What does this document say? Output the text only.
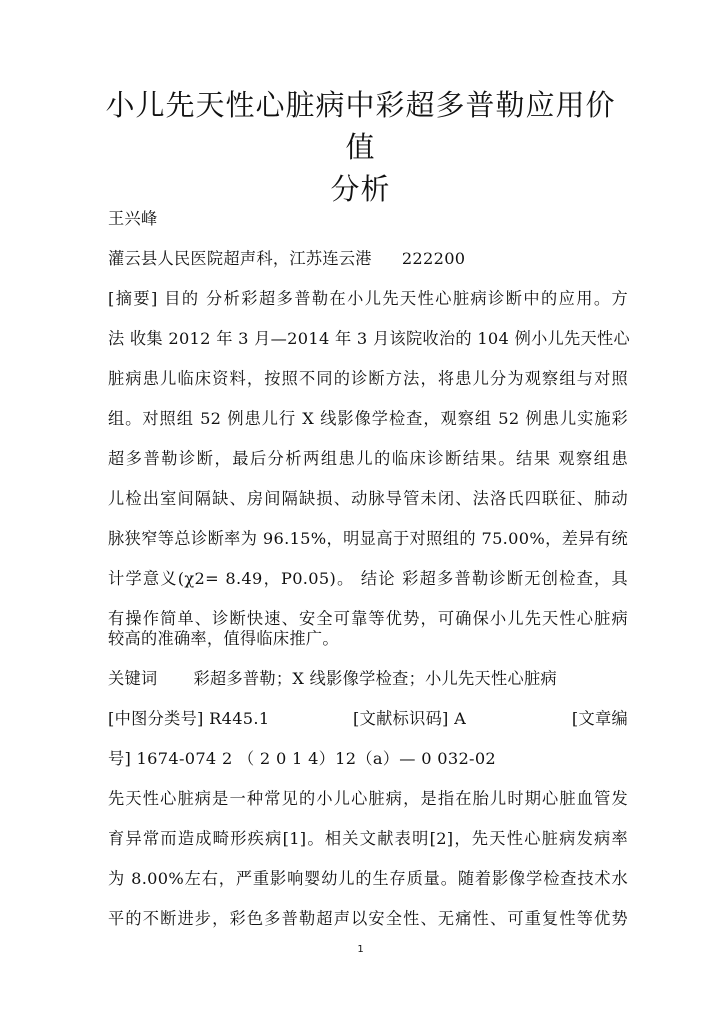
小儿先天性心脏病中彩超多普勒应用价值
分析
王兴峰
灌云县人民医院超声科，江苏连云港 222200
[摘要] 目的 分析彩超多普勒在小儿先天性心脏病诊断中的应用。方
法 收集 2012 年 3 月—2014 年 3 月该院收治的 104 例小儿先天性心
脏病患儿临床资料，按照不同的诊断方法，将患儿分为观察组与对照
组。对照组 52 例患儿行 X 线影像学检查，观察组 52 例患儿实施彩
超多普勒诊断，最后分析两组患儿的临床诊断结果。结果 观察组患
儿检出室间隔缺、房间隔缺损、动脉导管未闭、法洛氏四联征、肺动
脉狭窄等总诊断率为 96.15%，明显高于对照组的 75.00%，差异有统
计学意义(χ2= 8.49，P0.05)。 结论 彩超多普勒诊断无创检查，具
有操作简单、诊断快速、安全可靠等优势，可确保小儿先天性心脏病
较高的准确率，值得临床推广。
关键词 彩超多普勒；X 线影像学检查；小儿先天性心脏病
[中图分类号] R445.1	[文献标识码] A	[文章编
号] 1674-074 2 （ 2 0 1 4）12（a）— 0 032-02
先天性心脏病是一种常见的小儿心脏病，是指在胎儿时期心脏血管发
育异常而造成畸形疾病[1]。相关文献表明[2]，先天性心脏病发病率
为 8.00%左右，严重影响婴幼儿的生存质量。随着影像学检查技术水
平的不断进步，彩色多普勒超声以安全性、无痛性、可重复性等优势
1
